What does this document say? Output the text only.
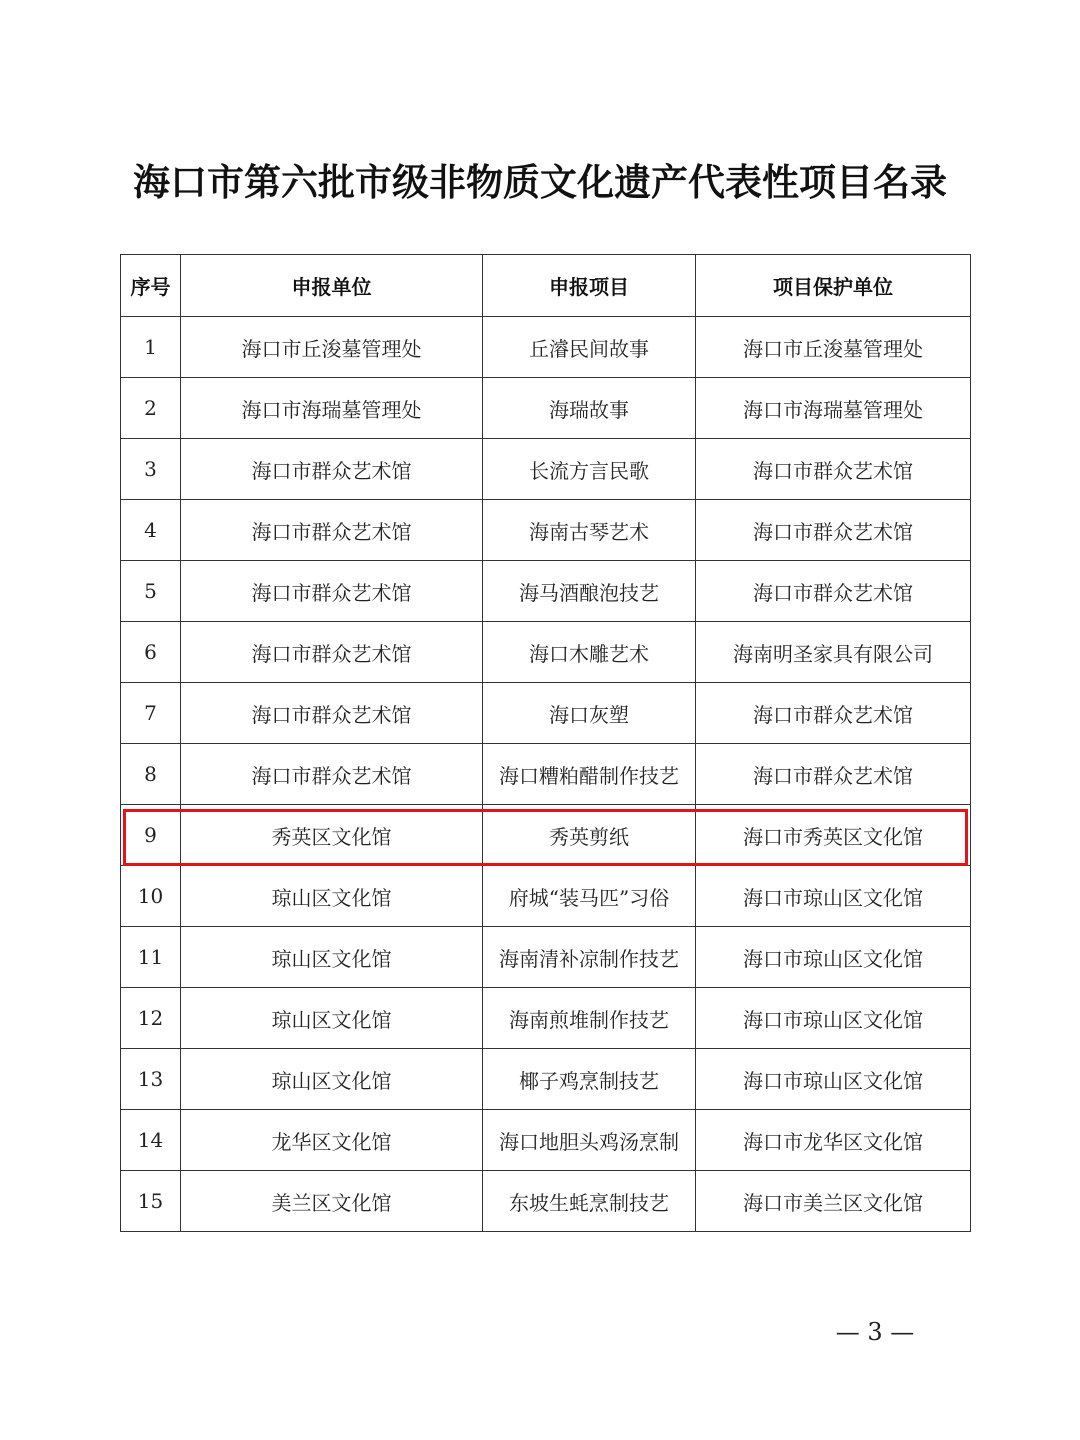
海口市第六批市级非物质文化遗产代表性项目名录
序号	申报单位	申报项目	项目保护单位
1	海口市丘浚墓管理处	丘濬民间故事	海口市丘浚墓管理处
2	海口市海瑞墓管理处	海瑞故事	海口市海瑞墓管理处
3	海口市群众艺术馆	长流方言民歌	海口市群众艺术馆
4	海口市群众艺术馆	海南古琴艺术	海口市群众艺术馆
5	海口市群众艺术馆	海马酒酿泡技艺	海口市群众艺术馆
6	海口市群众艺术馆	海口木雕艺术	海南明圣家具有限公司
7	海口市群众艺术馆	海口灰塑	海口市群众艺术馆
8	海口市群众艺术馆	海口糟粕醋制作技艺	海口市群众艺术馆
9	秀英区文化馆	秀英剪纸	海口市秀英区文化馆
10	琼山区文化馆	府城“装马匹”习俗	海口市琼山区文化馆
11	琼山区文化馆	海南清补凉制作技艺	海口市琼山区文化馆
12	琼山区文化馆	海南煎堆制作技艺	海口市琼山区文化馆
13	琼山区文化馆	椰子鸡烹制技艺	海口市琼山区文化馆
14	龙华区文化馆	海口地胆头鸡汤烹制	海口市龙华区文化馆
15	美兰区文化馆	东坡生蚝烹制技艺	海口市美兰区文化馆
— 3 —
